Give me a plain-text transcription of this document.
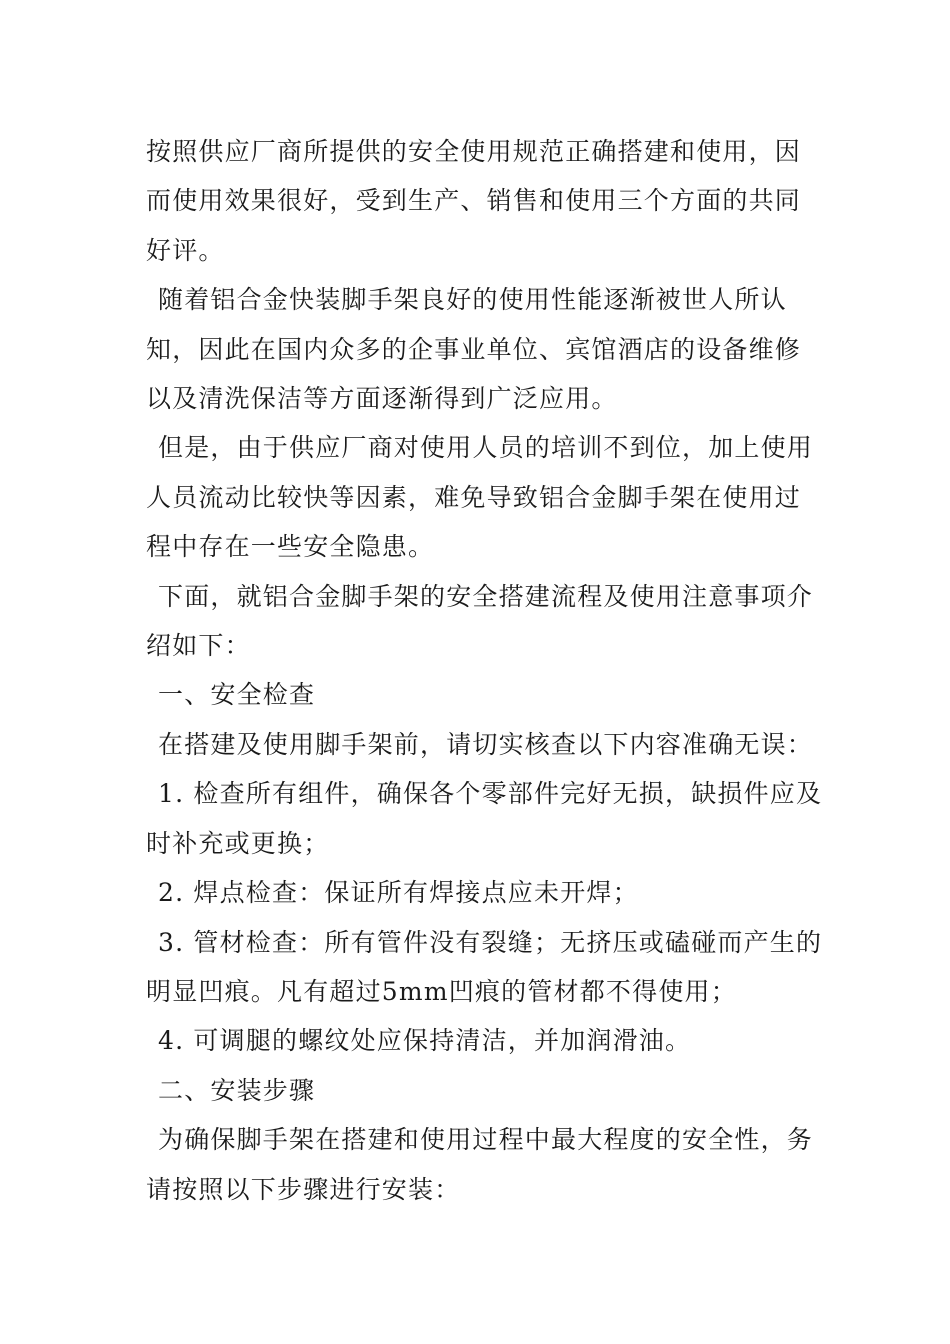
按照供应厂商所提供的安全使用规范正确搭建和使用，因而使用效果很好，受到生产、销售和使用三个方面的共同好评。

随着铝合金快装脚手架良好的使用性能逐渐被世人所认知，因此在国内众多的企事业单位、宾馆酒店的设备维修以及清洗保洁等方面逐渐得到广泛应用。

但是，由于供应厂商对使用人员的培训不到位，加上使用人员流动比较快等因素，难免导致铝合金脚手架在使用过程中存在一些安全隐患。

下面，就铝合金脚手架的安全搭建流程及使用注意事项介绍如下：

一、安全检查

在搭建及使用脚手架前，请切实核查以下内容准确无误：

1. 检查所有组件，确保各个零部件完好无损，缺损件应及时补充或更换；

2. 焊点检查：保证所有焊接点应未开焊；

3. 管材检查：所有管件没有裂缝；无挤压或磕碰而产生的明显凹痕。凡有超过5mm凹痕的管材都不得使用；

4. 可调腿的螺纹处应保持清洁，并加润滑油。

二、安装步骤

为确保脚手架在搭建和使用过程中最大程度的安全性，务请按照以下步骤进行安装：
